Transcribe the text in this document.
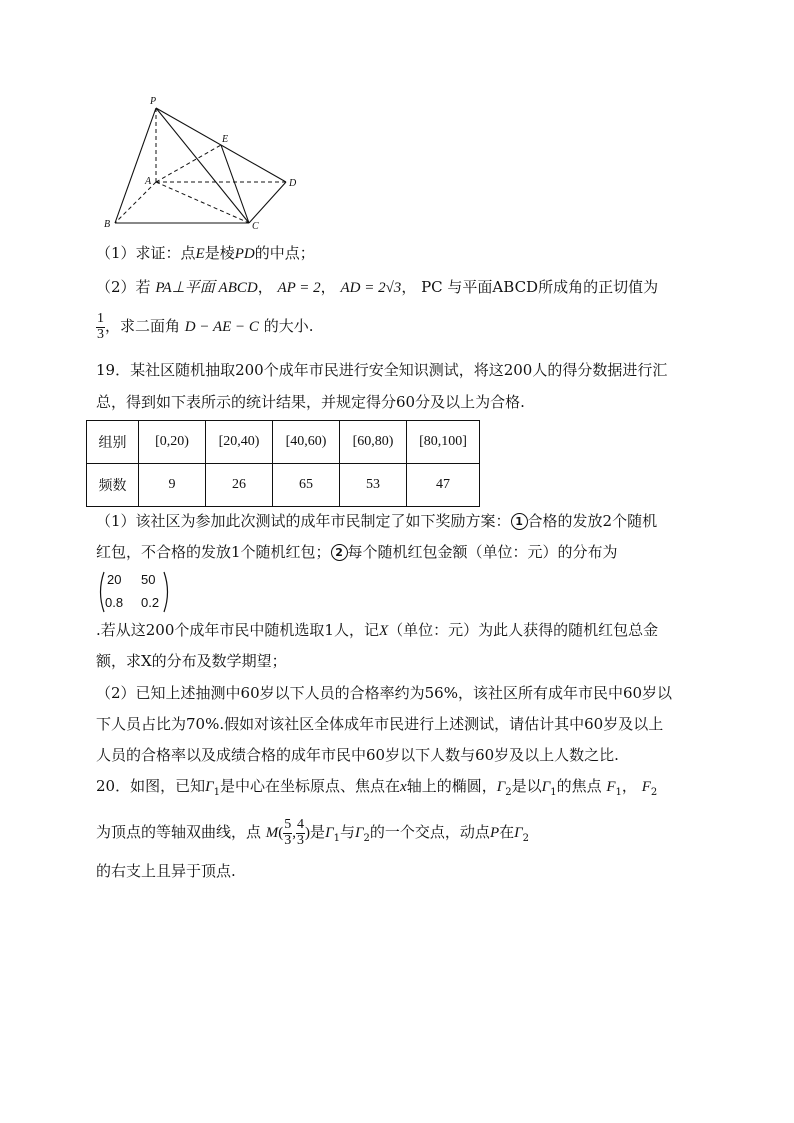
P
E
A	D
B	C
（1）求证：点E是棱PD的中点；
（2）若 PA⊥平面 ABCD， AP = 2， AD = 2√3， PC 与平面ABCD所成角的正切值为
$\frac{1}{3}$ ，求二面角 D − AE − C 的大小.
19．某社区随机抽取200个成年市民进行安全知识测试，将这200人的得分数据进行汇
总，得到如下表所示的统计结果，并规定得分60分及以上为合格.
组别	[0,20)	[20,40)	[40,60)	[60,80)	[80,100]
频数	9	26	65	53	47
（1）该社区为参加此次测试的成年市民制定了如下奖励方案： 1 合格的发放2个随机
红包，不合格的发放1个随机红包； 2 每个随机红包金额（单位：元）的分布为
20 50
0.8 0.2
.若从这200个成年市民中随机选取1人，记X（单位：元）为此人获得的随机红包总金
额，求X的分布及数学期望；
（2）已知上述抽测中60岁以下人员的合格率约为56%，该社区所有成年市民中60岁以
下人员占比为70%.假如对该社区全体成年市民进行上述测试，请估计其中60岁及以上
人员的合格率以及成绩合格的成年市民中60岁以下人数与60岁及以上人数之比.
20．如图，已知$\Gamma_1$是中心在坐标原点、焦点在x轴上的椭圆，$\Gamma_2$是以$\Gamma_1$的焦点 $F_1$， $F_2$
为顶点的等轴双曲线，点 $M( \frac{5}{3}$ , $\frac{4}{3}$ )是$\Gamma_1$与$\Gamma_2$的一个交点，动点P在$\Gamma_2$
的右支上且异于顶点.
